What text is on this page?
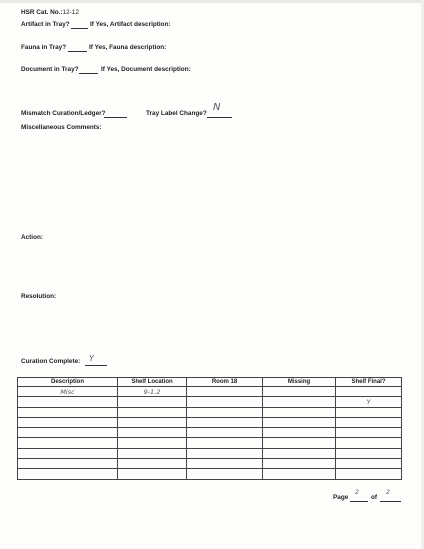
HSR Cat. No.:12-12
Artifact in Tray?	If Yes, Artifact description:
Fauna in Tray?	If Yes, Fauna description:
Document in Tray?	If Yes, Document description:
Mismatch Curation/Ledger?	Tray Label Change?
N
Miscellaneous Comments:
Action:
Resolution:
Curation Complete: Y
Description	Shelf Location	Room 18	Missing	Shelf Final?
Misc	9-1.2			
				Y

Page
2
of
2
